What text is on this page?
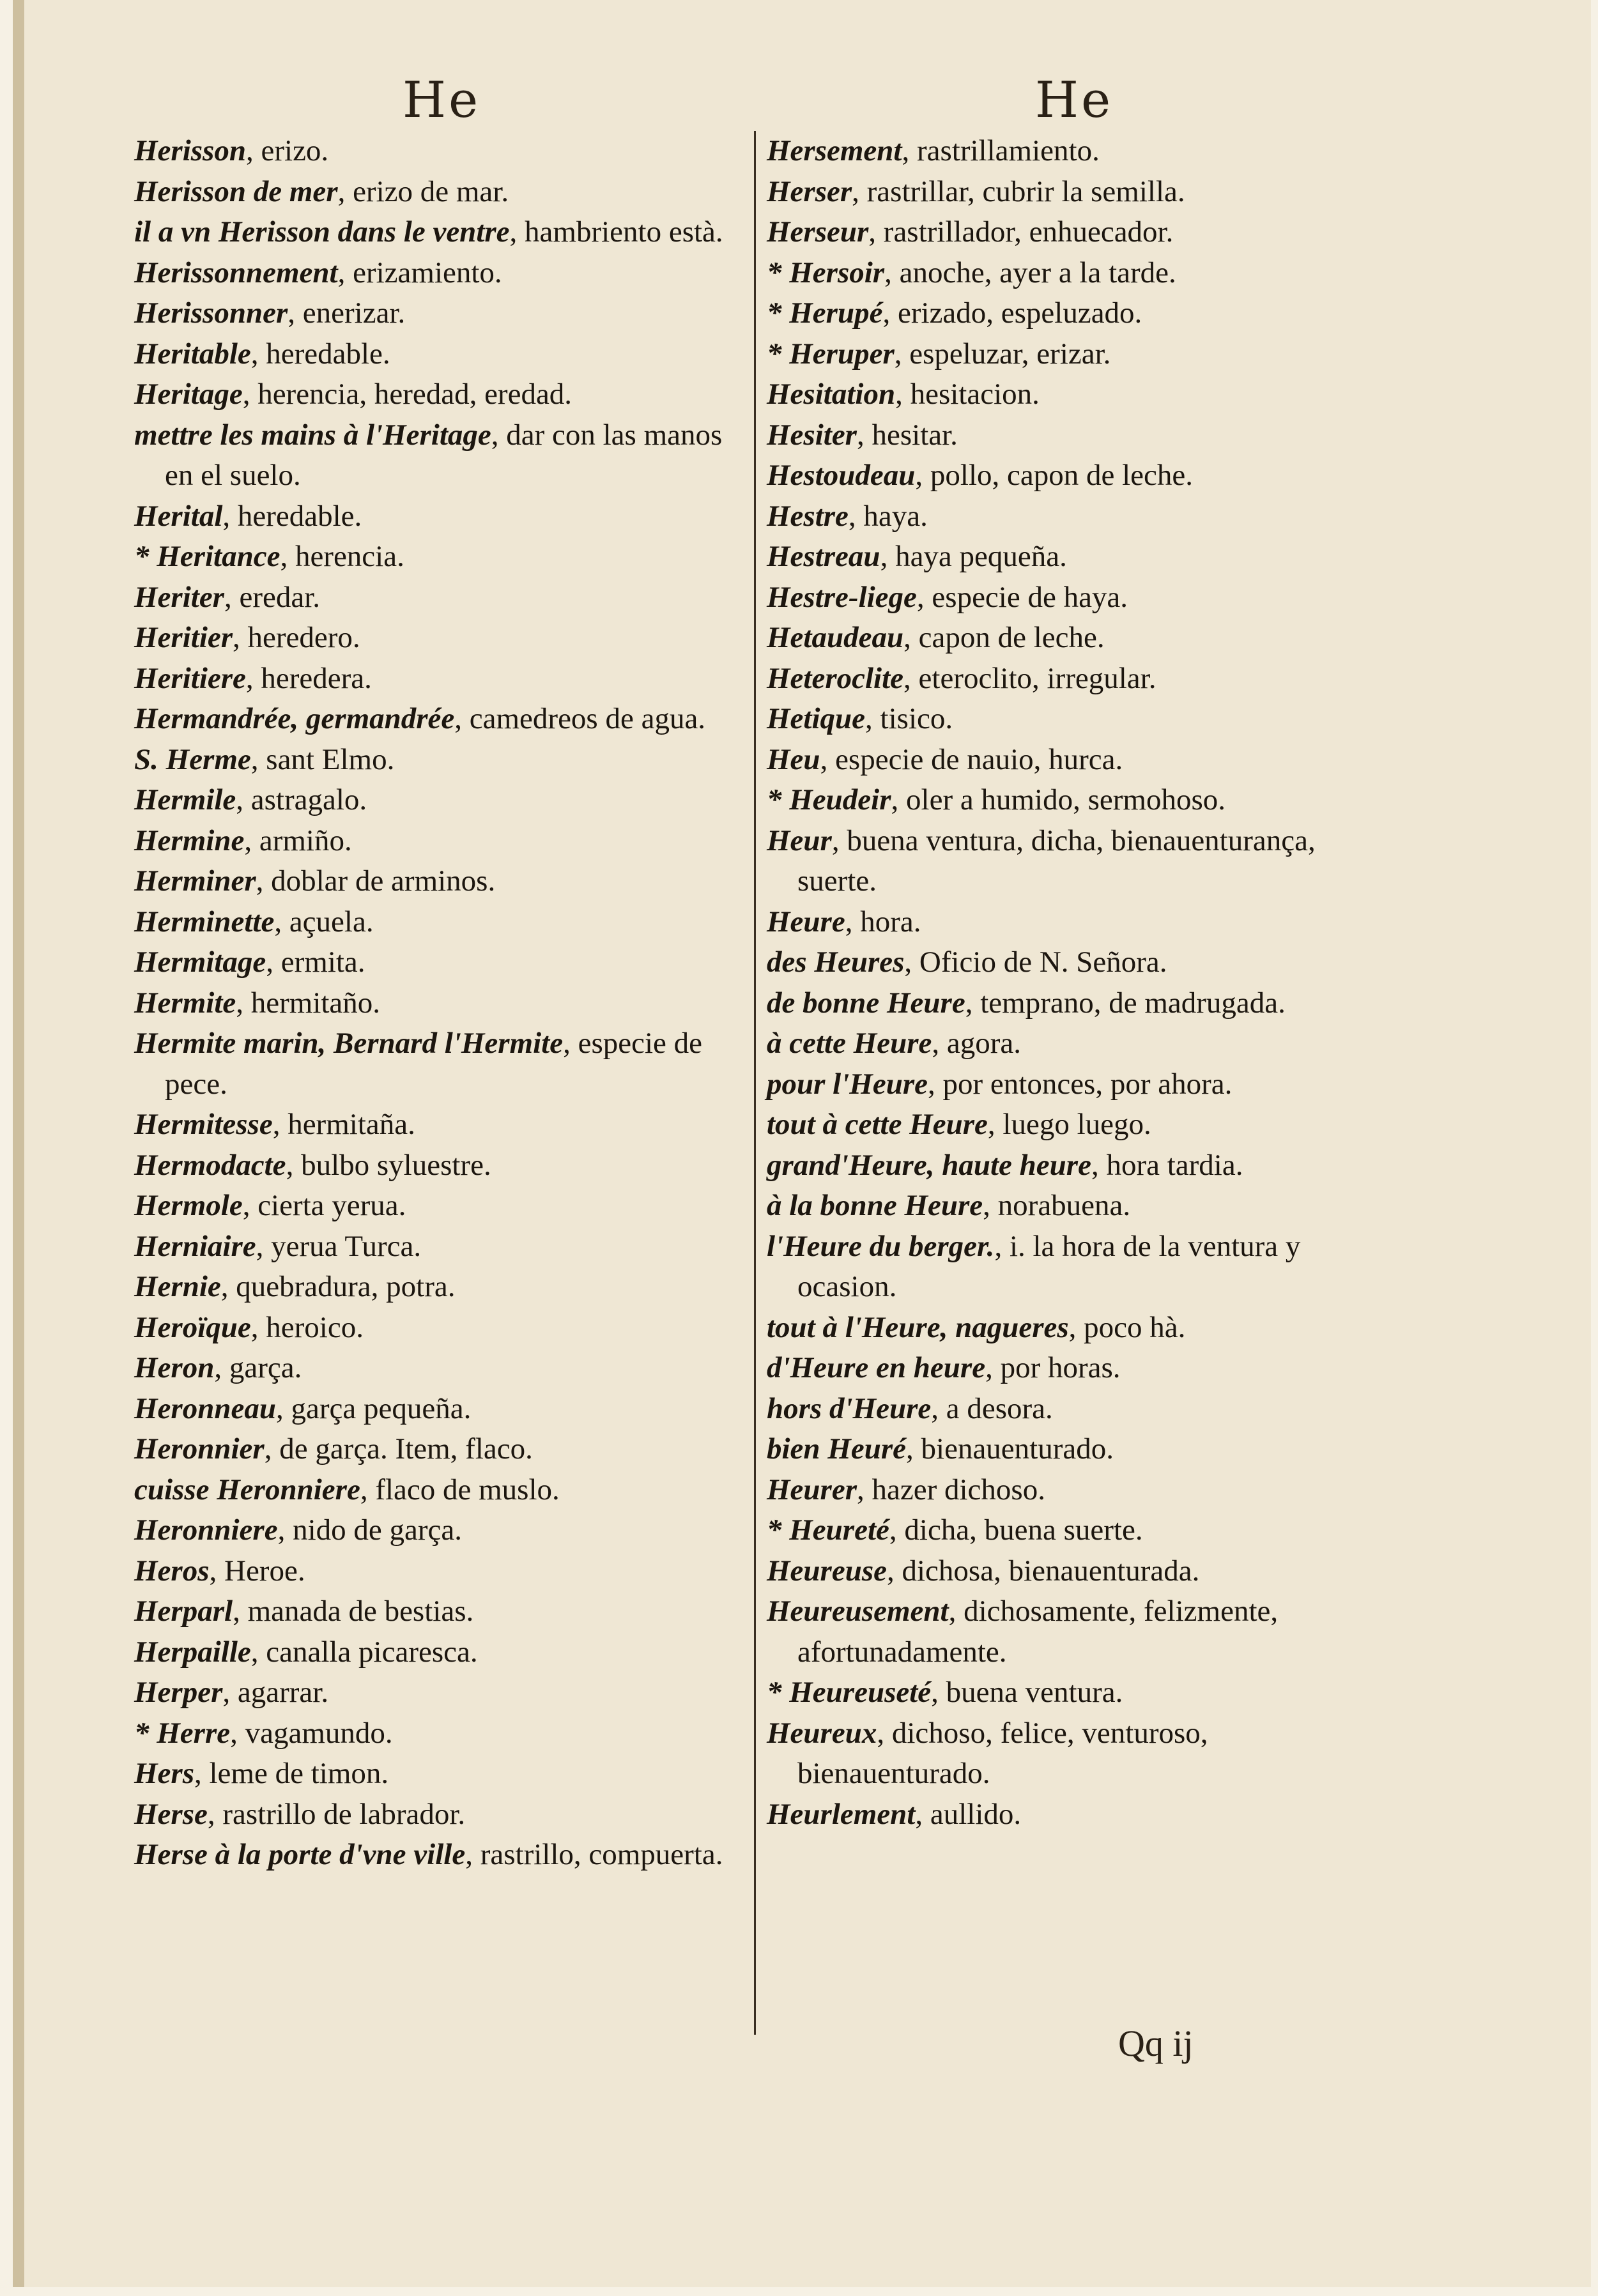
He	He
Herisson, erizo.
Herisson de mer, erizo de mar.
il a vn Herisson dans le ventre, hambriento està.
Herissonnement, erizamiento.
Herissonner, enerizar.
Heritable, heredable.
Heritage, herencia, heredad, eredad.
mettre les mains à l'Heritage, dar con las manos en el suelo.
Herital, heredable.
* Heritance, herencia.
Heriter, eredar.
Heritier, heredero.
Heritiere, heredera.
Hermandrée, germandrée, camedreos de agua.
S. Herme, sant Elmo.
Hermile, astragalo.
Hermine, armiño.
Herminer, doblar de arminos.
Herminette, açuela.
Hermitage, ermita.
Hermite, hermitaño.
Hermite marin, Bernard l'Hermite, especie de pece.
Hermitesse, hermitaña.
Hermodacte, bulbo syluestre.
Hermole, cierta yerua.
Herniaire, yerua Turca.
Hernie, quebradura, potra.
Heroïque, heroico.
Heron, garça.
Heronneau, garça pequeña.
Heronnier, de garça. Item, flaco.
cuisse Heronniere, flaco de muslo.
Heronniere, nido de garça.
Heros, Heroe.
Herparl, manada de bestias.
Herpaille, canalla picaresca.
Herper, agarrar.
* Herre, vagamundo.
Hers, leme de timon.
Herse, rastrillo de labrador.
Herse à la porte d'vne ville, rastrillo, compuerta.
Hersement, rastrillamiento.
Herser, rastrillar, cubrir la semilla.
Herseur, rastrillador, enhuecador.
* Hersoir, anoche, ayer a la tarde.
* Herupé, erizado, espeluzado.
* Heruper, espeluzar, erizar.
Hesitation, hesitacion.
Hesiter, hesitar.
Hestoudeau, pollo, capon de leche.
Hestre, haya.
Hestreau, haya pequeña.
Hestre-liege, especie de haya.
Hetaudeau, capon de leche.
Heteroclite, eteroclito, irregular.
Hetique, tisico.
Heu, especie de nauio, hurca.
* Heudeir, oler a humido, sermohoso.
Heur, buena ventura, dicha, bienauenturança, suerte.
Heure, hora.
des Heures, Oficio de N. Señora.
de bonne Heure, temprano, de madrugada.
à cette Heure, agora.
pour l'Heure, por entonces, por ahora.
tout à cette Heure, luego luego.
grand'Heure, haute heure, hora tardia.
à la bonne Heure, norabuena.
l'Heure du berger., i. la hora de la ventura y ocasion.
tout à l'Heure, nagueres, poco hà.
d'Heure en heure, por horas.
hors d'Heure, a desora.
bien Heuré, bienauenturado.
Heurer, hazer dichoso.
* Heureté, dicha, buena suerte.
Heureuse, dichosa, bienauenturada.
Heureusement, dichosamente, felizmente, afortunadamente.
* Heureuseté, buena ventura.
Heureux, dichoso, felice, venturoso, bienauenturado.
Heurlement, aullido.
Qq ij
